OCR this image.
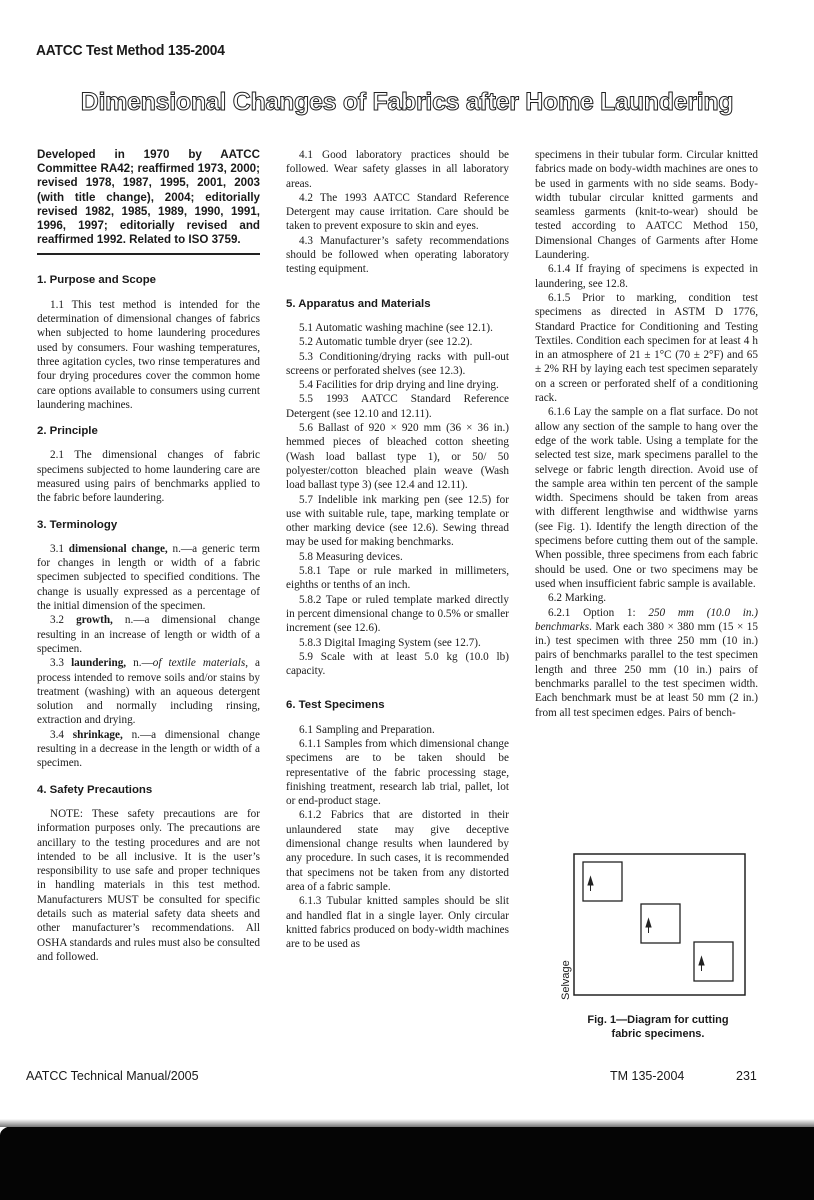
AATCC Test Method 135-2004
Dimensional Changes of Fabrics after Home Laundering
Developed in 1970 by AATCC Committee RA42; reaffirmed 1973, 2000; revised 1978, 1987, 1995, 2001, 2003 (with title change), 2004; editorially revised 1982, 1985, 1989, 1990, 1991, 1996, 1997; editorially revised and reaffirmed 1992. Related to ISO 3759.
1. Purpose and Scope

1.1 This test method is intended for the determination of dimensional changes of fabrics when subjected to home laundering procedures used by consumers. Four washing temperatures, three agitation cycles, two rinse temperatures and four drying procedures cover the common home care options available to consumers using current laundering machines.

2. Principle

2.1 The dimensional changes of fabric specimens subjected to home laundering care are measured using pairs of benchmarks applied to the fabric before laundering.

3. Terminology

3.1 dimensional change, n.—a generic term for changes in length or width of a fabric specimen subjected to specified conditions. The change is usually expressed as a percentage of the initial dimension of the specimen.

3.2 growth, n.—a dimensional change resulting in an increase of length or width of a specimen.

3.3 laundering, n.—of textile materials, a process intended to remove soils and/or stains by treatment (washing) with an aqueous detergent solution and normally including rinsing, extraction and drying.

3.4 shrinkage, n.—a dimensional change resulting in a decrease in the length or width of a specimen.

4. Safety Precautions

NOTE: These safety precautions are for information purposes only. The precautions are ancillary to the testing procedures and are not intended to be all inclusive. It is the user’s responsibility to use safe and proper techniques in handling materials in this test method. Manufacturers MUST be consulted for specific details such as material safety data sheets and other manufacturer’s recommendations. All OSHA standards and rules must also be consulted and followed.

4.1 Good laboratory practices should be followed. Wear safety glasses in all laboratory areas.

4.2 The 1993 AATCC Standard Reference Detergent may cause irritation. Care should be taken to prevent exposure to skin and eyes.

4.3 Manufacturer’s safety recommendations should be followed when operating laboratory testing equipment.

5. Apparatus and Materials

5.1 Automatic washing machine (see 12.1).

5.2 Automatic tumble dryer (see 12.2).

5.3 Conditioning/drying racks with pull-out screens or perforated shelves (see 12.3).

5.4 Facilities for drip drying and line drying.

5.5 1993 AATCC Standard Reference Detergent (see 12.10 and 12.11).

5.6 Ballast of 920 × 920 mm (36 × 36 in.) hemmed pieces of bleached cotton sheeting (Wash load ballast type 1), or 50/ 50 polyester/cotton bleached plain weave (Wash load ballast type 3) (see 12.4 and 12.11).

5.7 Indelible ink marking pen (see 12.5) for use with suitable rule, tape, marking template or other marking device (see 12.6). Sewing thread may be used for making benchmarks.

5.8 Measuring devices.

5.8.1 Tape or rule marked in millimeters, eighths or tenths of an inch.

5.8.2 Tape or ruled template marked directly in percent dimensional change to 0.5% or smaller increment (see 12.6).

5.8.3 Digital Imaging System (see 12.7).

5.9 Scale with at least 5.0 kg (10.0 lb) capacity.

6. Test Specimens

6.1 Sampling and Preparation.

6.1.1 Samples from which dimensional change specimens are to be taken should be representative of the fabric processing stage, finishing treatment, research lab trial, pallet, lot or end-product stage.

6.1.2 Fabrics that are distorted in their unlaundered state may give deceptive dimensional change results when laundered by any procedure. In such cases, it is recommended that specimens not be taken from any distorted area of a fabric sample.

6.1.3 Tubular knitted samples should be slit and handled flat in a single layer. Only circular knitted fabrics produced on body-width machines are to be used as

specimens in their tubular form. Circular knitted fabrics made on body-width machines are ones to be used in garments with no side seams. Body-width tubular circular knitted garments and seamless garments (knit-to-wear) should be tested according to AATCC Method 150, Dimensional Changes of Garments after Home Laundering.

6.1.4 If fraying of specimens is expected in laundering, see 12.8.

6.1.5 Prior to marking, condition test specimens as directed in ASTM D 1776, Standard Practice for Conditioning and Testing Textiles. Condition each specimen for at least 4 h in an atmosphere of 21 ± 1°C (70 ± 2°F) and 65 ± 2% RH by laying each test specimen separately on a screen or perforated shelf of a conditioning rack.

6.1.6 Lay the sample on a flat surface. Do not allow any section of the sample to hang over the edge of the work table. Using a template for the selected test size, mark specimens parallel to the selvege or fabric length direction. Avoid use of the sample area within ten percent of the sample width. Specimens should be taken from areas with different lengthwise and widthwise yarns (see Fig. 1). Identify the length direction of the specimens before cutting them out of the sample. When possible, three specimens from each fabric should be used. One or two specimens may be used when insufficient fabric sample is available.

6.2 Marking.

6.2.1 Option 1: 250 mm (10.0 in.) benchmarks. Mark each 380 × 380 mm (15 × 15 in.) test specimen with three 250 mm (10 in.) pairs of benchmarks parallel to the test specimen length and three 250 mm (10 in.) pairs of benchmarks parallel to the test specimen width. Each benchmark must be at least 50 mm (2 in.) from all test specimen edges. Pairs of bench-

Selvage
Fig. 1—Diagram for cutting
fabric specimens.
AATCC Technical Manual/2005	TM 135-2004	231
